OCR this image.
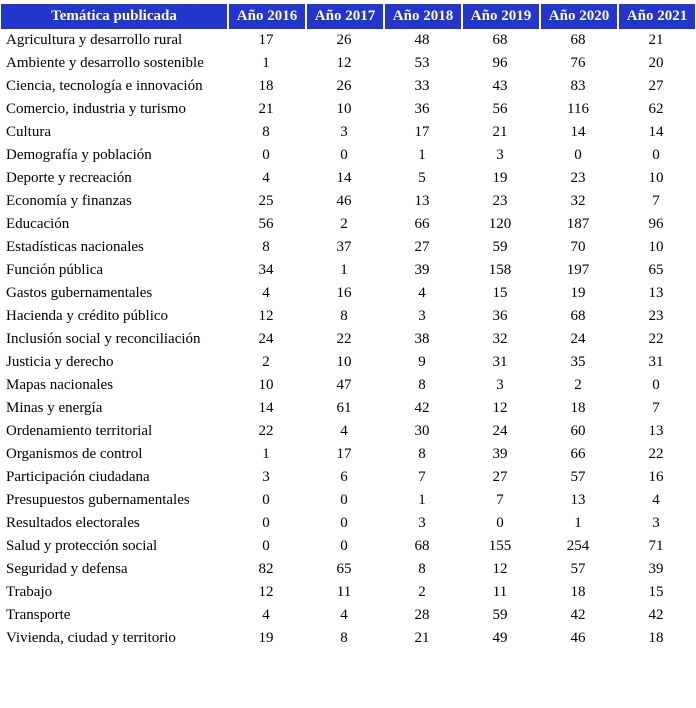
Temática publicada	Año 2016	Año 2017	Año 2018	Año 2019	Año 2020	Año 2021
Agricultura y desarrollo rural	17	26	48	68	68	21
Ambiente y desarrollo sostenible	1	12	53	96	76	20
Ciencia, tecnología e innovación	18	26	33	43	83	27
Comercio, industria y turismo	21	10	36	56	116	62
Cultura	8	3	17	21	14	14
Demografía y población	0	0	1	3	0	0
Deporte y recreación	4	14	5	19	23	10
Economía y finanzas	25	46	13	23	32	7
Educación	56	2	66	120	187	96
Estadísticas nacionales	8	37	27	59	70	10
Función pública	34	1	39	158	197	65
Gastos gubernamentales	4	16	4	15	19	13
Hacienda y crédito público	12	8	3	36	68	23
Inclusión social y reconciliación	24	22	38	32	24	22
Justicia y derecho	2	10	9	31	35	31
Mapas nacionales	10	47	8	3	2	0
Minas y energía	14	61	42	12	18	7
Ordenamiento territorial	22	4	30	24	60	13
Organismos de control	1	17	8	39	66	22
Participación ciudadana	3	6	7	27	57	16
Presupuestos gubernamentales	0	0	1	7	13	4
Resultados electorales	0	0	3	0	1	3
Salud y protección social	0	0	68	155	254	71
Seguridad y defensa	82	65	8	12	57	39
Trabajo	12	11	2	11	18	15
Transporte	4	4	28	59	42	42
Vivienda, ciudad y territorio	19	8	21	49	46	18
